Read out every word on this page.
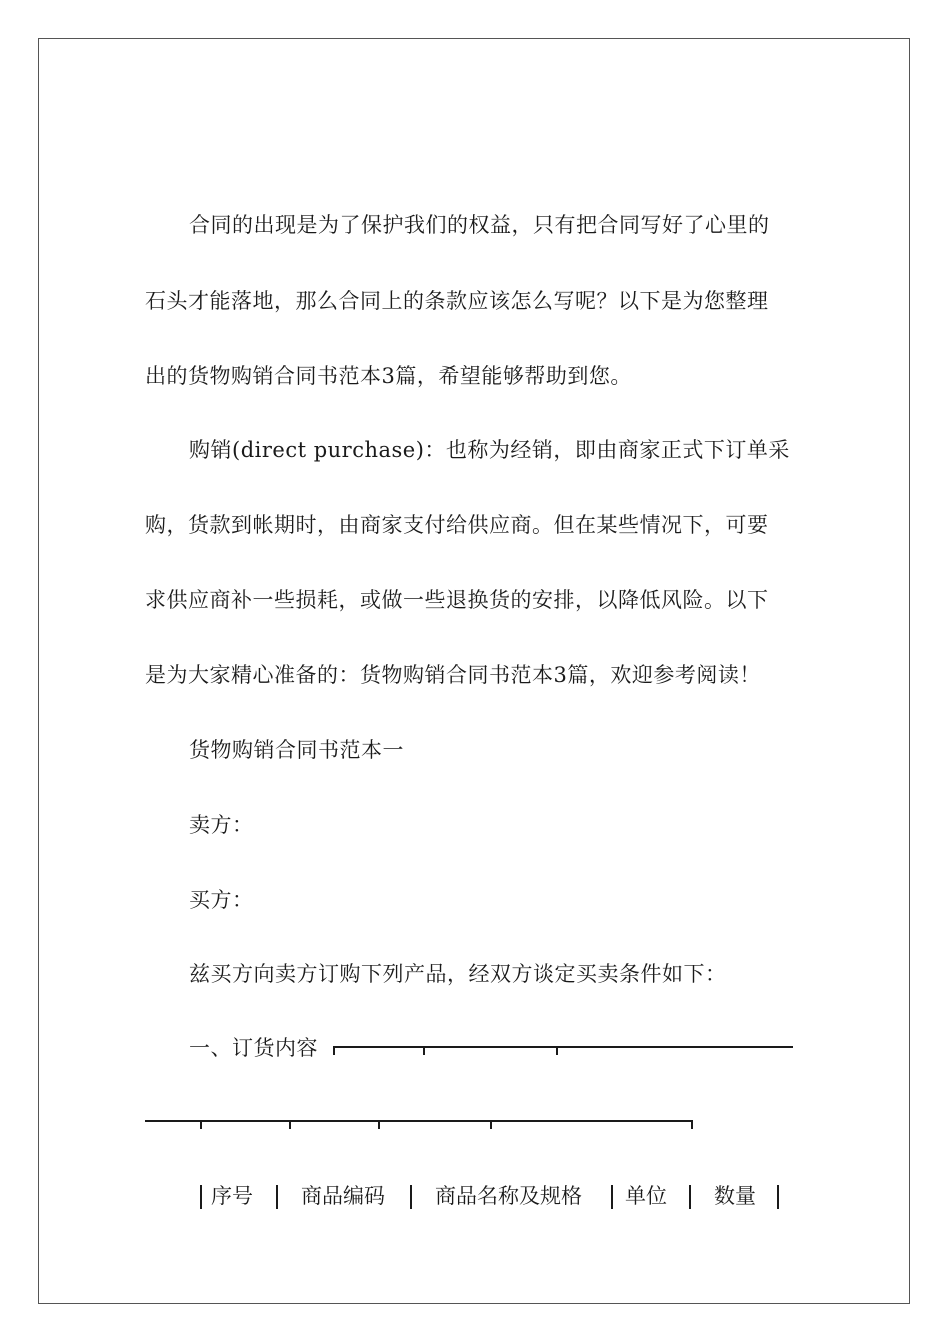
合同的出现是为了保护我们的权益，只有把合同写好了心里的
石头才能落地，那么合同上的条款应该怎么写呢？以下是为您整理
出的货物购销合同书范本3篇，希望能够帮助到您。
购销(direct purchase)：也称为经销，即由商家正式下订单采
购，货款到帐期时，由商家支付给供应商。但在某些情况下，可要
求供应商补一些损耗，或做一些退换货的安排，以降低风险。以下
是为大家精心准备的：货物购销合同书范本3篇，欢迎参考阅读！
货物购销合同书范本一
卖方：
买方：
兹买方向卖方订购下列产品，经双方谈定买卖条件如下：
一、订货内容
序号 商品编码 商品名称及规格 单位 数量
